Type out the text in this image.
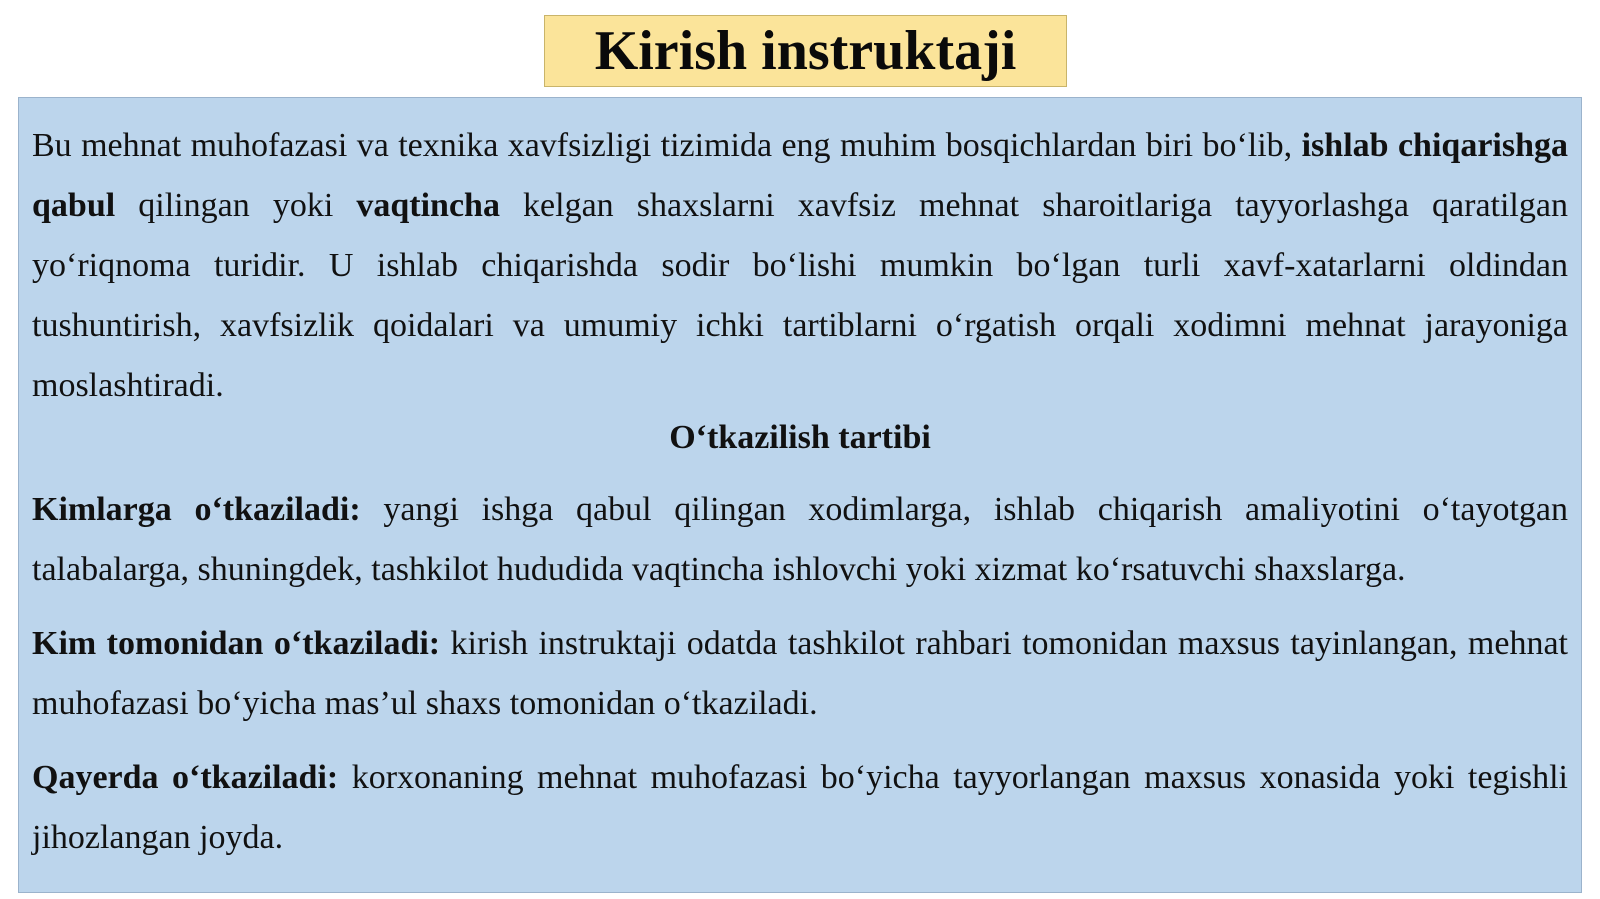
Kirish instruktaji

Bu mehnat muhofazasi va texnika xavfsizligi tizimida eng muhim bosqichlardan biri bo‘lib, ishlab chiqarishga qabul qilingan yoki vaqtincha kelgan shaxslarni xavfsiz mehnat sharoitlariga tayyorlashga qaratilgan yo‘riqnoma turidir. U ishlab chiqarishda sodir bo‘lishi mumkin bo‘lgan turli xavf-xatarlarni oldindan tushuntirish, xavfsizlik qoidalari va umumiy ichki tartiblarni o‘rgatish orqali xodimni mehnat jarayoniga moslashtiradi.

O‘tkazilish tartibi

Kimlarga o‘tkaziladi: yangi ishga qabul qilingan xodimlarga, ishlab chiqarish amaliyotini o‘tayotgan talabalarga, shuningdek, tashkilot hududida vaqtincha ishlovchi yoki xizmat ko‘rsatuvchi shaxslarga.

Kim tomonidan o‘tkaziladi: kirish instruktaji odatda tashkilot rahbari tomonidan maxsus tayinlangan, mehnat muhofazasi bo‘yicha mas’ul shaxs tomonidan o‘tkaziladi.

Qayerda o‘tkaziladi: korxonaning mehnat muhofazasi bo‘yicha tayyorlangan maxsus xonasida yoki tegishli jihozlangan joyda.
